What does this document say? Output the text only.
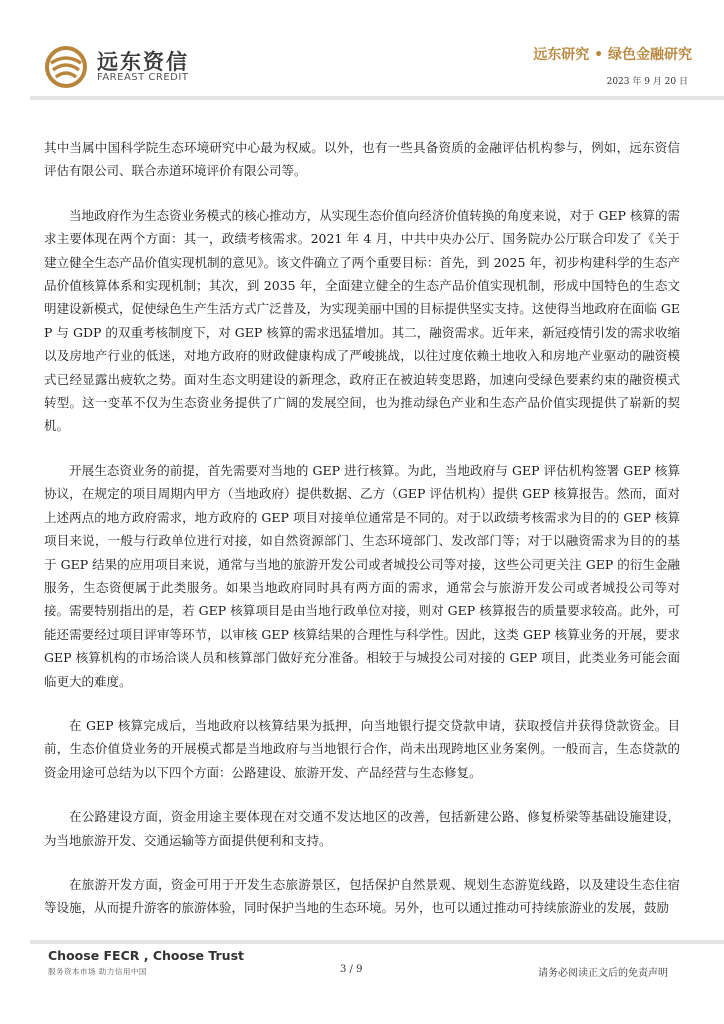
远东资信
FAREAST CREDIT
远东研究 • 绿色金融研究
2023 年 9 月 20 日

其中当属中国科学院生态环境研究中心最为权威。以外，也有一些具备资质的金融评估机构参与，例如，远东资信评估有限公司、联合赤道环境评价有限公司等。

当地政府作为生态资业务模式的核心推动方，从实现生态价值向经济价值转换的角度来说，对于 GEP 核算的需求主要体现在两个方面：其一，政绩考核需求。2021 年 4 月，中共中央办公厅、国务院办公厅联合印发了《关于建立健全生态产品价值实现机制的意见》。该文件确立了两个重要目标：首先，到 2025 年，初步构建科学的生态产品价值核算体系和实现机制；其次，到 2035 年，全面建立健全的生态产品价值实现机制，形成中国特色的生态文明建设新模式，促使绿色生产生活方式广泛普及，为实现美丽中国的目标提供坚实支持。这使得当地政府在面临 GEP 与 GDP 的双重考核制度下，对 GEP 核算的需求迅猛增加。其二，融资需求。近年来，新冠疫情引发的需求收缩以及房地产行业的低迷，对地方政府的财政健康构成了严峻挑战，以往过度依赖土地收入和房地产业驱动的融资模式已经显露出疲软之势。面对生态文明建设的新理念，政府正在被迫转变思路，加速向受绿色要素约束的融资模式转型。这一变革不仅为生态资业务提供了广阔的发展空间，也为推动绿色产业和生态产品价值实现提供了崭新的契机。

开展生态资业务的前提，首先需要对当地的 GEP 进行核算。为此，当地政府与 GEP 评估机构签署 GEP 核算协议，在规定的项目周期内甲方（当地政府）提供数据、乙方（GEP 评估机构）提供 GEP 核算报告。然而，面对上述两点的地方政府需求，地方政府的 GEP 项目对接单位通常是不同的。对于以政绩考核需求为目的的 GEP 核算项目来说，一般与行政单位进行对接，如自然资源部门、生态环境部门、发改部门等；对于以融资需求为目的的基于 GEP 结果的应用项目来说，通常与当地的旅游开发公司或者城投公司等对接，这些公司更关注 GEP 的衍生金融服务，生态资便属于此类服务。如果当地政府同时具有两方面的需求，通常会与旅游开发公司或者城投公司等对接。需要特别指出的是，若 GEP 核算项目是由当地行政单位对接，则对 GEP 核算报告的质量要求较高。此外，可能还需要经过项目评审等环节，以审核 GEP 核算结果的合理性与科学性。因此，这类 GEP 核算业务的开展，要求 GEP 核算机构的市场洽谈人员和核算部门做好充分准备。相较于与城投公司对接的 GEP 项目，此类业务可能会面临更大的难度。

在 GEP 核算完成后，当地政府以核算结果为抵押，向当地银行提交贷款申请，获取授信并获得贷款资金。目前，生态价值贷业务的开展模式都是当地政府与当地银行合作，尚未出现跨地区业务案例。一般而言，生态贷款的资金用途可总结为以下四个方面：公路建设、旅游开发、产品经营与生态修复。

在公路建设方面，资金用途主要体现在对交通不发达地区的改善，包括新建公路、修复桥梁等基础设施建设，为当地旅游开发、交通运输等方面提供便利和支持。

在旅游开发方面，资金可用于开发生态旅游景区，包括保护自然景观、规划生态游览线路，以及建设生态住宿等设施，从而提升游客的旅游体验，同时保护当地的生态环境。另外，也可以通过推动可持续旅游业的发展，鼓励

Choose FECR , Choose Trust
服务资本市场 助力信用中国	3 / 9	请务必阅读正文后的免责声明
